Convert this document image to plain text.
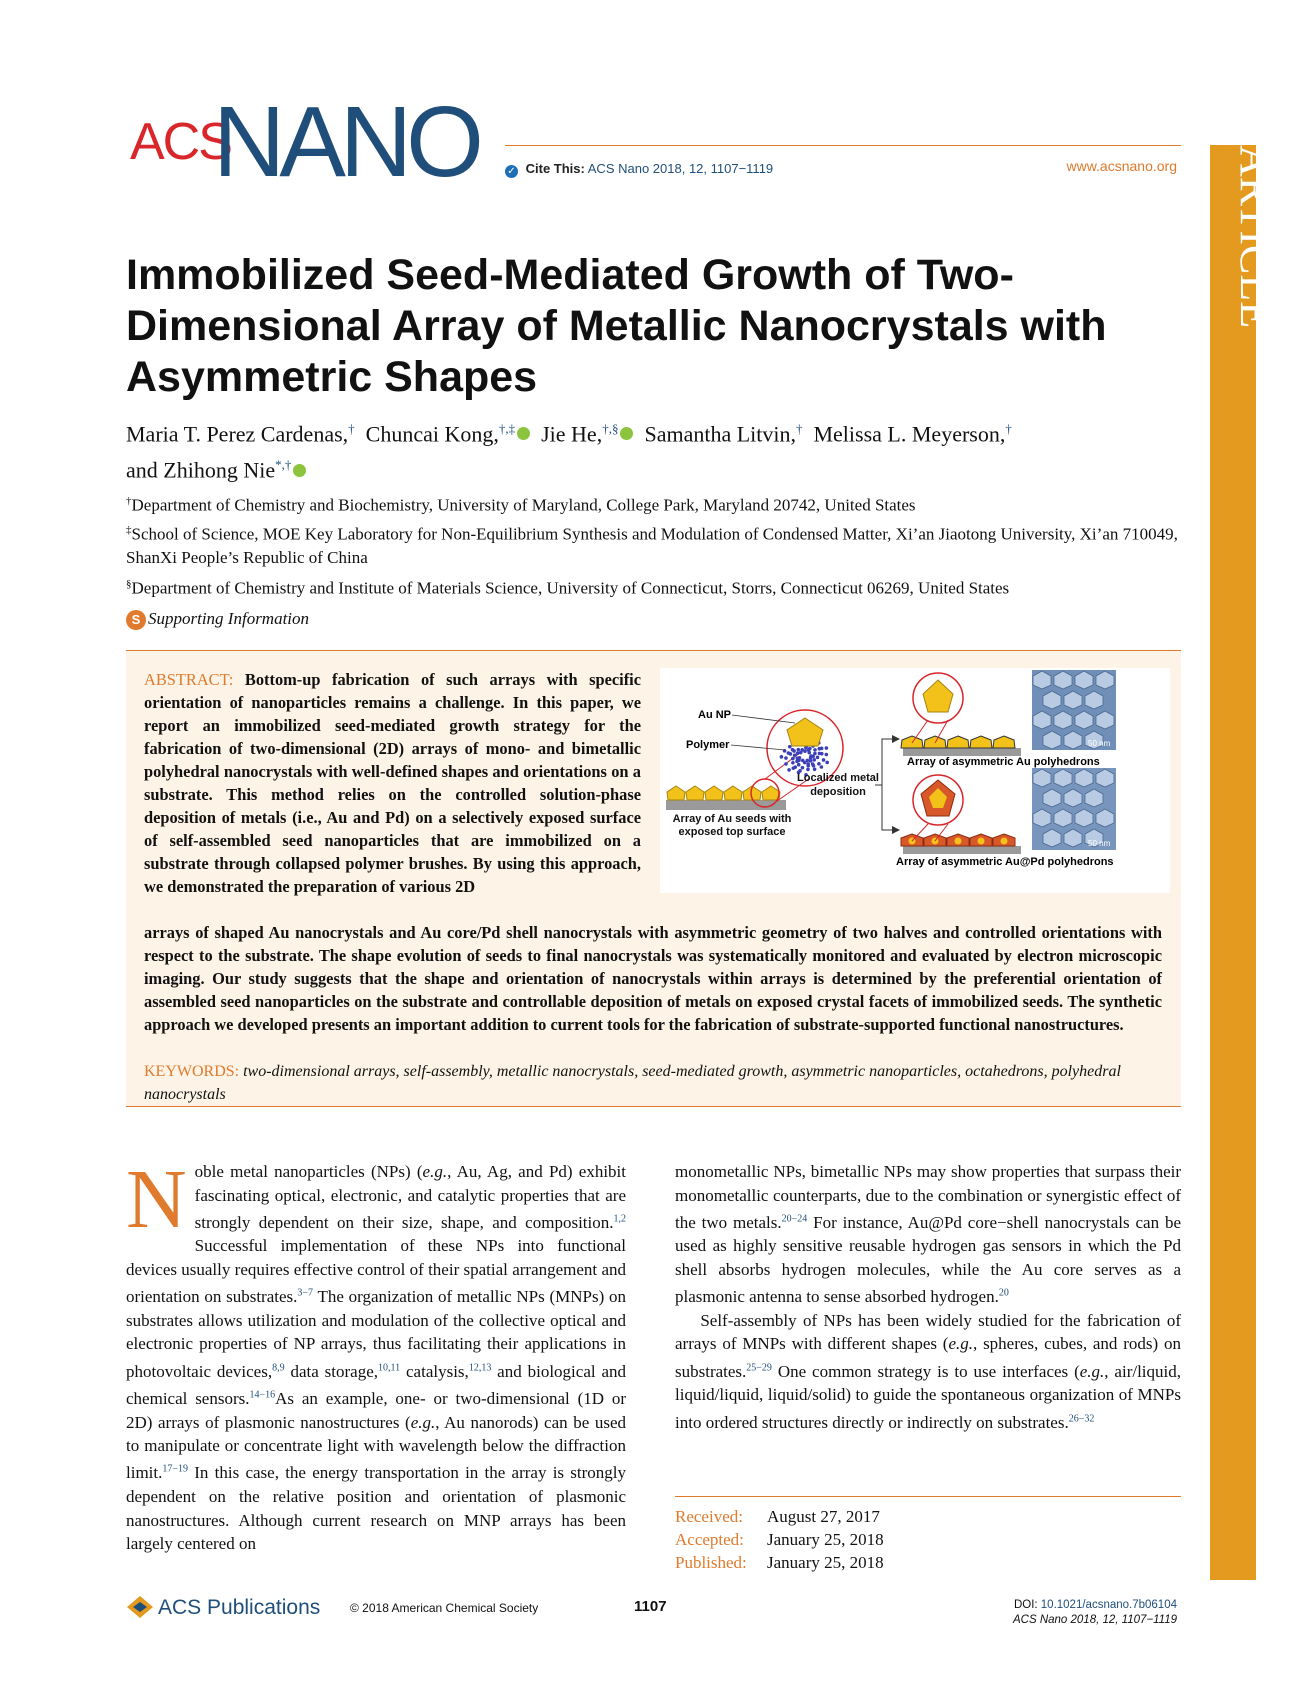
ACS
NANO	✓ Cite This: ACS Nano 2018, 12, 1107−1119	www.acsnano.org ARTICLE
Immobilized Seed-Mediated Growth of Two-Dimensional Array of Metallic Nanocrystals with Asymmetric Shapes
Maria T. Perez Cardenas,† Chuncai Kong,†,‡ Jie He,†,§ Samantha Litvin,† Melissa L. Meyerson,†
and Zhihong Nie*,†
†Department of Chemistry and Biochemistry, University of Maryland, College Park, Maryland 20742, United States
‡School of Science, MOE Key Laboratory for Non-Equilibrium Synthesis and Modulation of Condensed Matter, Xi’an Jiaotong University, Xi’an 710049, ShanXi People’s Republic of China
§Department of Chemistry and Institute of Materials Science, University of Connecticut, Storrs, Connecticut 06269, United States
S Supporting Information
ABSTRACT: Bottom-up fabrication of such arrays with specific orientation of nanoparticles remains a challenge. In this paper, we report an immobilized seed-mediated growth strategy for the fabrication of two-dimensional (2D) arrays of mono- and bimetallic polyhedral nanocrystals with well-defined shapes and orientations on a substrate. This method relies on the controlled solution-phase deposition of metals (i.e., Au and Pd) on a selectively exposed surface of self-assembled seed nanoparticles that are immobilized on a substrate through collapsed polymer brushes. By using this approach, we demonstrated the preparation of various 2D
Au NP
Polymer
Array of Au seeds with exposed top surface
Localized metal deposition
50 nm
Array of asymmetric Au polyhedrons
50 nm
Array of asymmetric Au@Pd polyhedrons
arrays of shaped Au nanocrystals and Au core/Pd shell nanocrystals with asymmetric geometry of two halves and controlled orientations with respect to the substrate. The shape evolution of seeds to final nanocrystals was systematically monitored and evaluated by electron microscopic imaging. Our study suggests that the shape and orientation of nanocrystals within arrays is determined by the preferential orientation of assembled seed nanoparticles on the substrate and controllable deposition of metals on exposed crystal facets of immobilized seeds. The synthetic approach we developed presents an important addition to current tools for the fabrication of substrate-supported functional nanostructures.
KEYWORDS: two-dimensional arrays, self-assembly, metallic nanocrystals, seed-mediated growth, asymmetric nanoparticles, octahedrons, polyhedral nanocrystals
Noble metal nanoparticles (NPs) (e.g., Au, Ag, and Pd) exhibit fascinating optical, electronic, and catalytic properties that are strongly dependent on their size, shape, and composition.$^{1,2}$ Successful implementation of these NPs into functional devices usually requires effective control of their spatial arrangement and orientation on substrates.$^{3-7}$ The organization of metallic NPs (MNPs) on substrates allows utilization and modulation of the collective optical and electronic properties of NP arrays, thus facilitating their applications in photovoltaic devices,$^{8,9}$ data storage,$^{10,11}$ catalysis,$^{12,13}$ and biological and chemical sensors.$^{14-16}$As an example, one- or two-dimensional (1D or 2D) arrays of plasmonic nanostructures (e.g., Au nanorods) can be used to manipulate or concentrate light with wavelength below the diffraction limit.$^{17-19}$ In this case, the energy transportation in the array is strongly dependent on the relative position and orientation of plasmonic nanostructures. Although current research on MNP arrays has been largely centered on
monometallic NPs, bimetallic NPs may show properties that surpass their monometallic counterparts, due to the combination or synergistic effect of the two metals.$^{20-24}$ For instance, Au@Pd core−shell nanocrystals can be used as highly sensitive reusable hydrogen gas sensors in which the Pd shell absorbs hydrogen molecules, while the Au core serves as a plasmonic antenna to sense absorbed hydrogen.$^{20}$
Self-assembly of NPs has been widely studied for the fabrication of arrays of MNPs with different shapes (e.g., spheres, cubes, and rods) on substrates.$^{25-29}$ One common strategy is to use interfaces (e.g., air/liquid, liquid/liquid, liquid/solid) to guide the spontaneous organization of MNPs into ordered structures directly or indirectly on substrates.$^{26-32}$
Received: August 27, 2017
Accepted: January 25, 2018
Published: January 25, 2018
ACS Publications © 2018 American Chemical Society	1107	DOI: 10.1021/acsnano.7b06104
ACS Nano 2018, 12, 1107−1119
